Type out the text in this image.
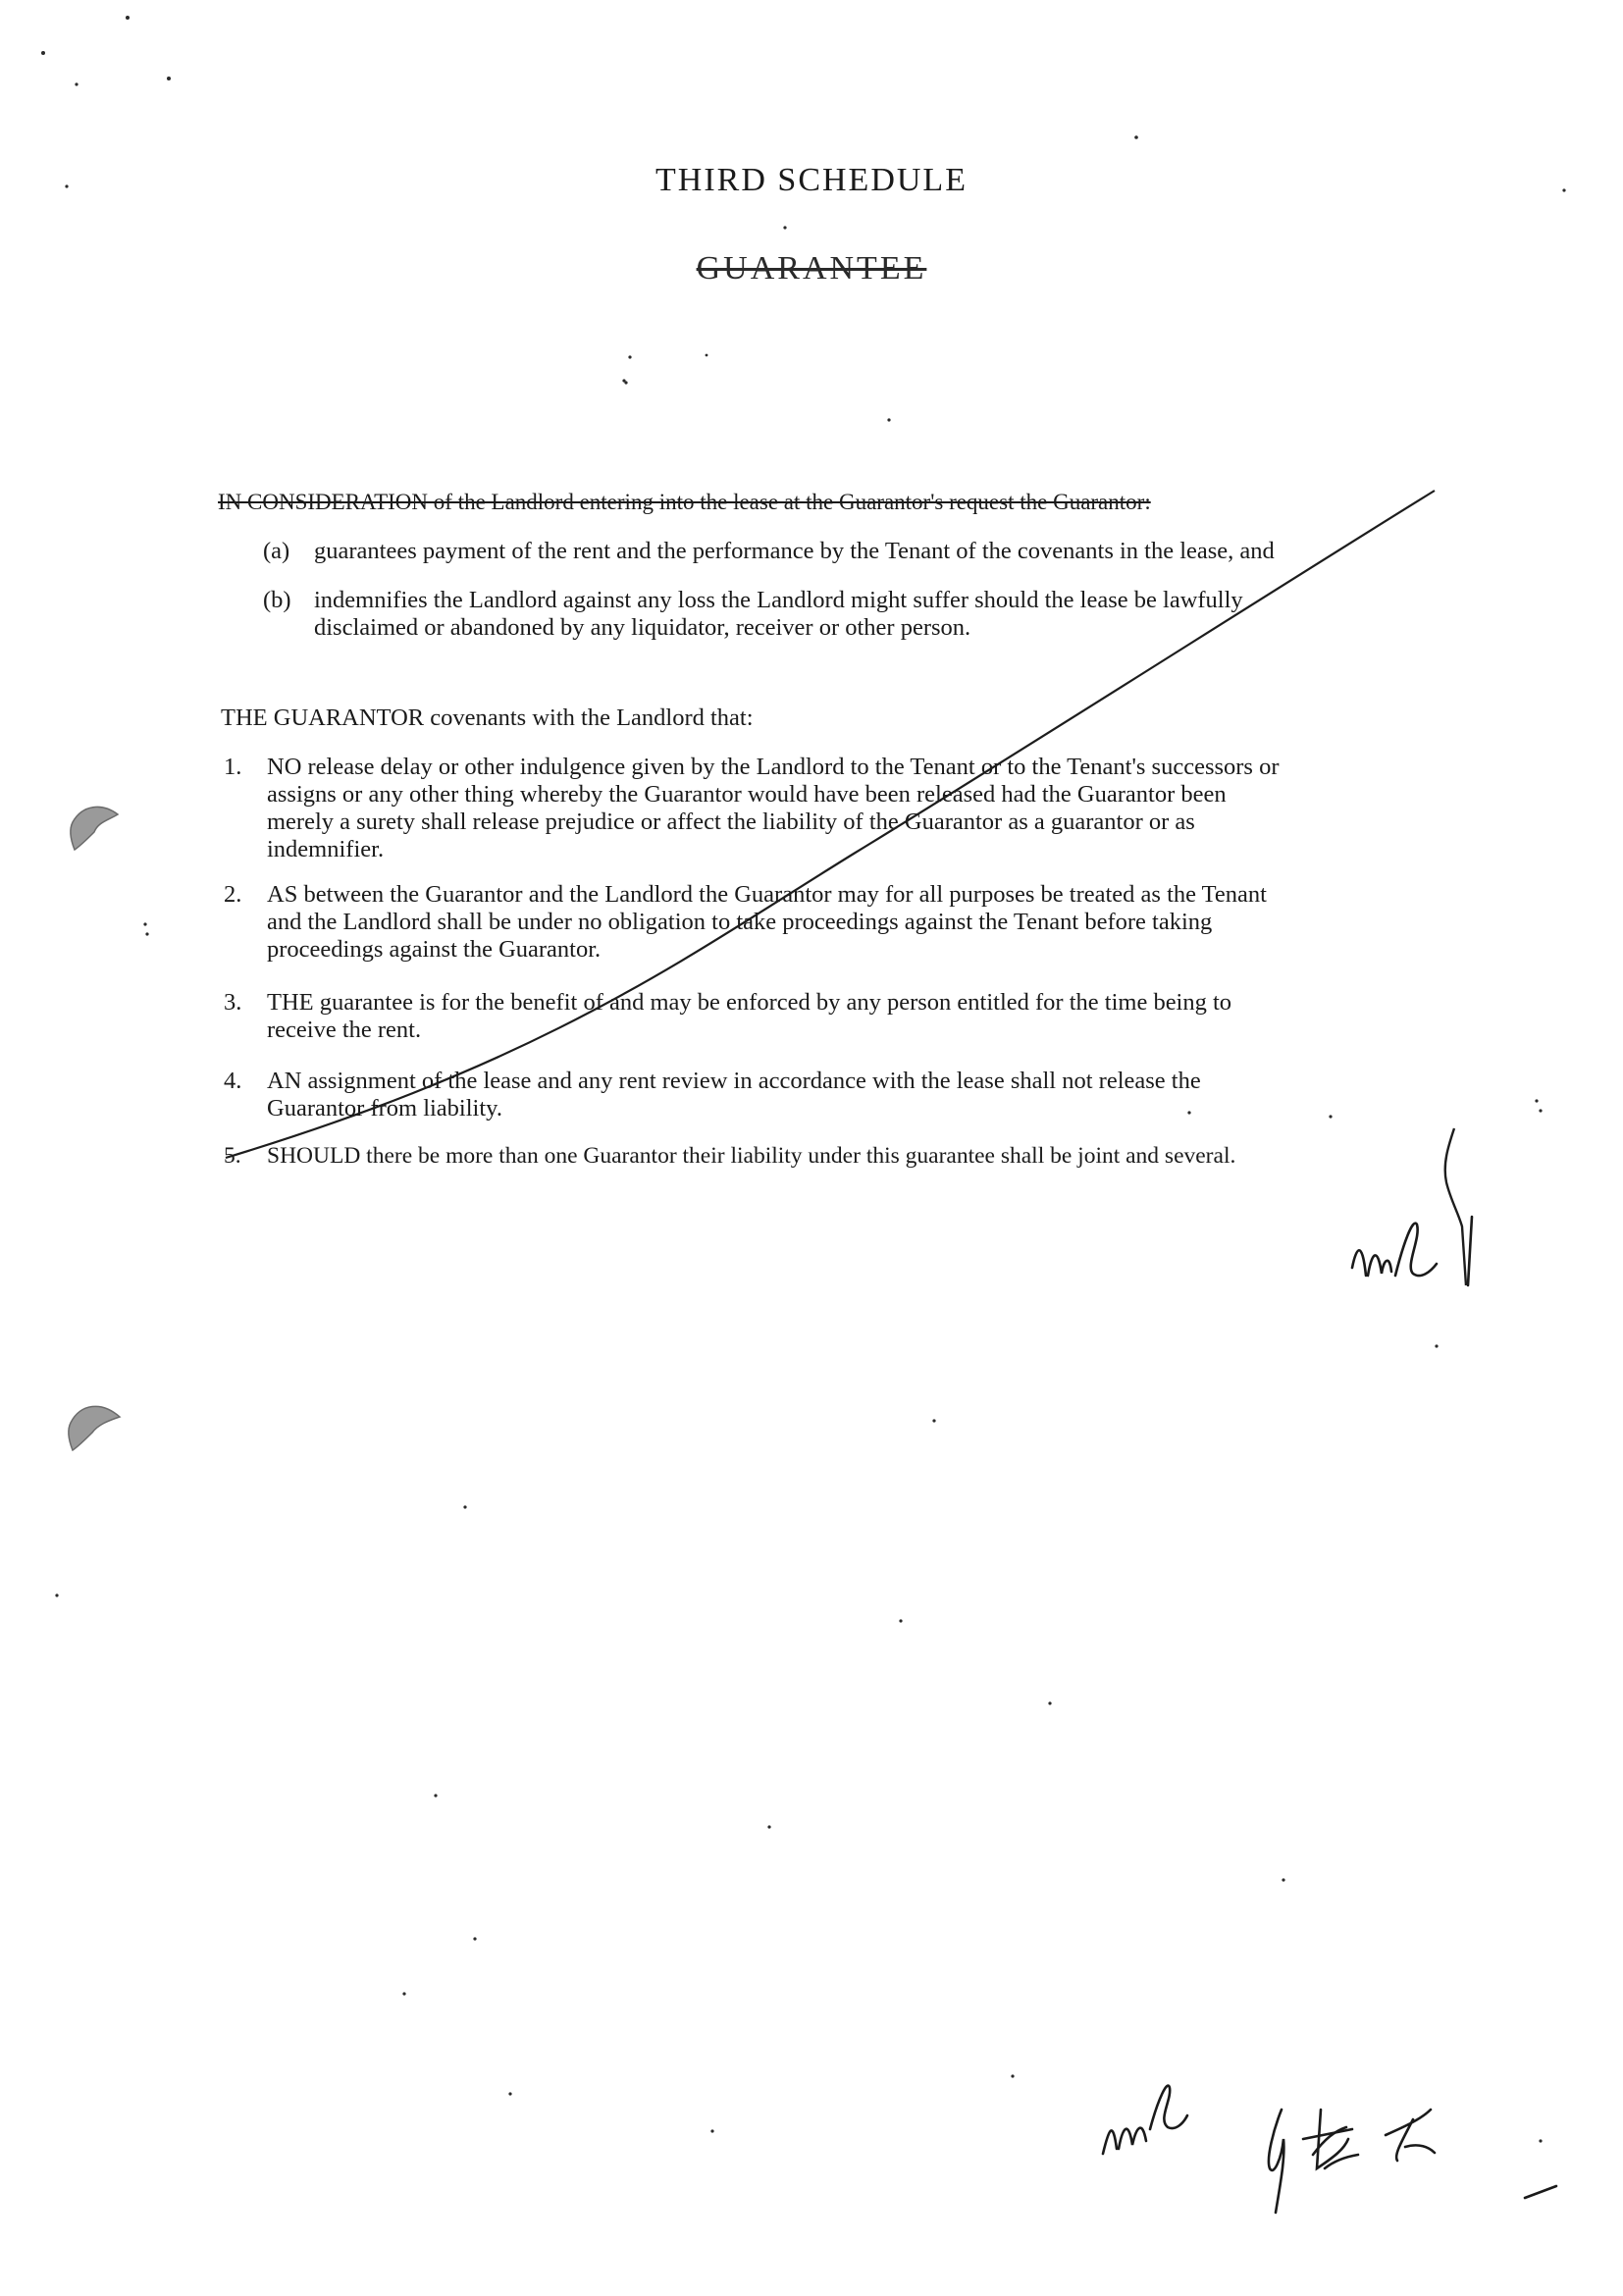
THIRD SCHEDULE
GUARANTEE
IN CONSIDERATION of the Landlord entering into the lease at the Guarantor's request the Guarantor:
(a) guarantees payment of the rent and the performance by the Tenant of the covenants in the lease, and
(b) indemnifies the Landlord against any loss the Landlord might suffer should the lease be lawfully
disclaimed or abandoned by any liquidator, receiver or other person.
THE GUARANTOR covenants with the Landlord that:
1. NO release delay or other indulgence given by the Landlord to the Tenant or to the Tenant's successors or
assigns or any other thing whereby the Guarantor would have been released had the Guarantor been
merely a surety shall release prejudice or affect the liability of the Guarantor as a guarantor or as
indemnifier.
2. AS between the Guarantor and the Landlord the Guarantor may for all purposes be treated as the Tenant
and the Landlord shall be under no obligation to take proceedings against the Tenant before taking
proceedings against the Guarantor.
3. THE guarantee is for the benefit of and may be enforced by any person entitled for the time being to
receive the rent.
4. AN assignment of the lease and any rent review in accordance with the lease shall not release the
Guarantor from liability.
5. SHOULD there be more than one Guarantor their liability under this guarantee shall be joint and several.
